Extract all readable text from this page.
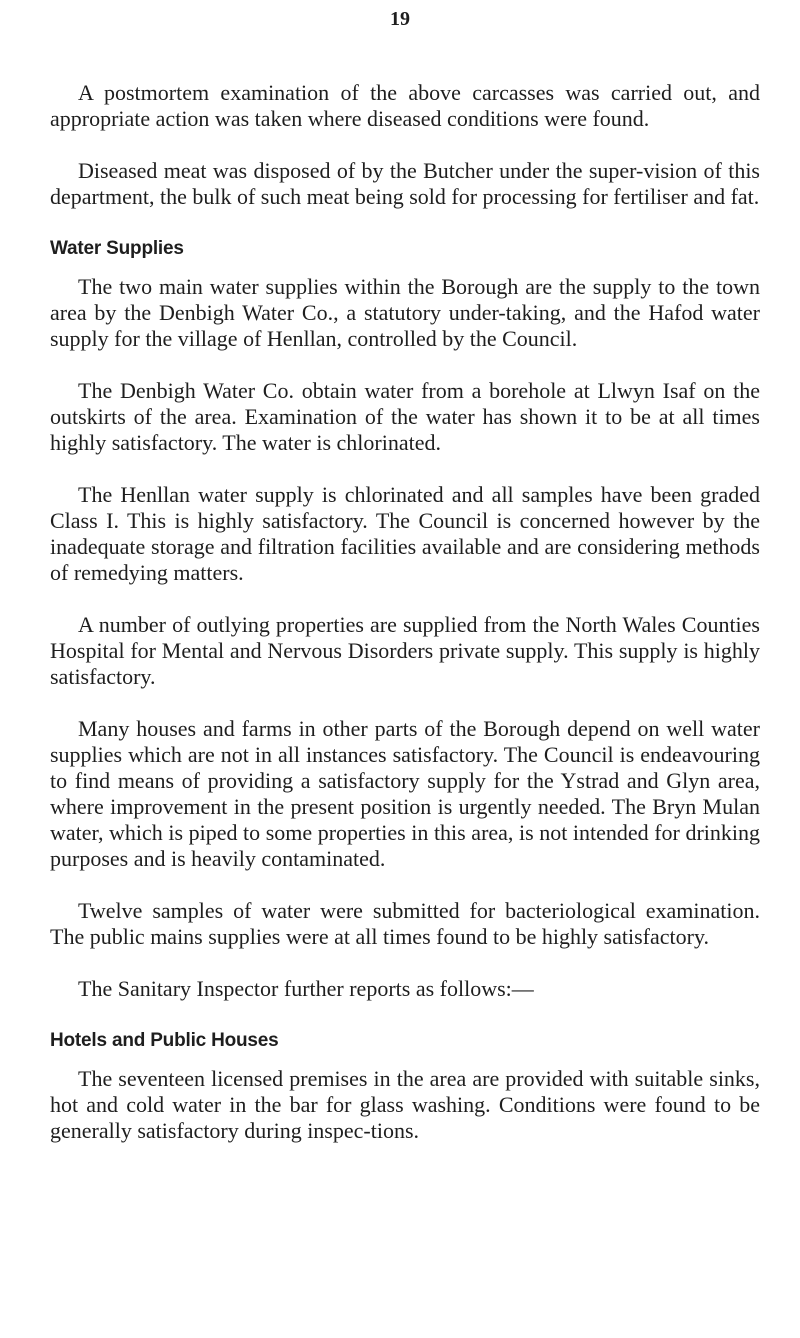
19

A postmortem examination of the above carcasses was carried out, and appropriate action was taken where diseased conditions were found.

Diseased meat was disposed of by the Butcher under the super-vision of this department, the bulk of such meat being sold for processing for fertiliser and fat.

Water Supplies

The two main water supplies within the Borough are the supply to the town area by the Denbigh Water Co., a statutory under-taking, and the Hafod water supply for the village of Henllan, controlled by the Council.

The Denbigh Water Co. obtain water from a borehole at Llwyn Isaf on the outskirts of the area. Examination of the water has shown it to be at all times highly satisfactory. The water is chlorinated.

The Henllan water supply is chlorinated and all samples have been graded Class I. This is highly satisfactory. The Council is concerned however by the inadequate storage and filtration facilities available and are considering methods of remedying matters.

A number of outlying properties are supplied from the North Wales Counties Hospital for Mental and Nervous Disorders private supply. This supply is highly satisfactory.

Many houses and farms in other parts of the Borough depend on well water supplies which are not in all instances satisfactory. The Council is endeavouring to find means of providing a satisfactory supply for the Ystrad and Glyn area, where improvement in the present position is urgently needed. The Bryn Mulan water, which is piped to some properties in this area, is not intended for drinking purposes and is heavily contaminated.

Twelve samples of water were submitted for bacteriological examination. The public mains supplies were at all times found to be highly satisfactory.

The Sanitary Inspector further reports as follows:—

Hotels and Public Houses

The seventeen licensed premises in the area are provided with suitable sinks, hot and cold water in the bar for glass washing. Conditions were found to be generally satisfactory during inspec-tions.
